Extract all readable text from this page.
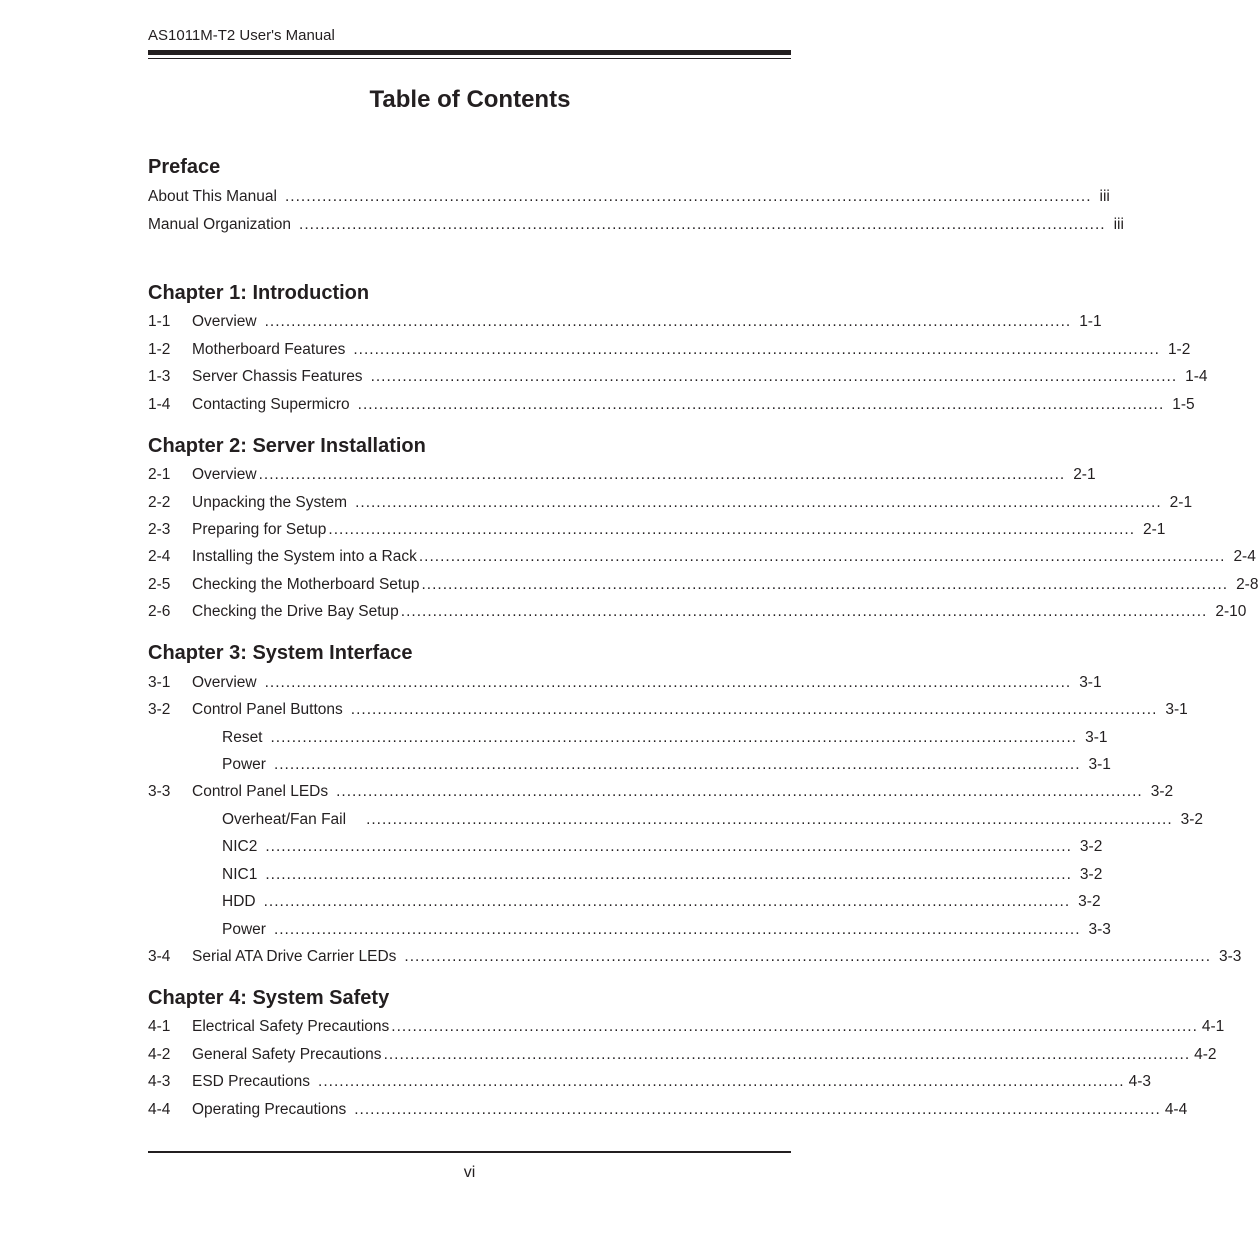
AS1011M-T2 User's Manual
Table of Contents
Preface
About This Manual ........................................................................................................................................................ iii
Manual Organization ........................................................................................................................................................ iii
Chapter 1: Introduction
1-1	Overview ........................................................................................................................................................ 1-1
1-2	Motherboard Features ........................................................................................................................................................ 1-2
1-3	Server Chassis Features ........................................................................................................................................................ 1-4
1-4	Contacting Supermicro ........................................................................................................................................................ 1-5
Chapter 2: Server Installation
2-1	Overview ........................................................................................................................................................ 2-1
2-2	Unpacking the System ........................................................................................................................................................ 2-1
2-3	Preparing for Setup ........................................................................................................................................................ 2-1
2-4	Installing the System into a Rack ........................................................................................................................................................ 2-4
2-5	Checking the Motherboard Setup ........................................................................................................................................................ 2-8
2-6	Checking the Drive Bay Setup ........................................................................................................................................................ 2-10
Chapter 3: System Interface
3-1	Overview ........................................................................................................................................................ 3-1
3-2	Control Panel Buttons ........................................................................................................................................................ 3-1
Reset ........................................................................................................................................................ 3-1
Power ........................................................................................................................................................ 3-1
3-3	Control Panel LEDs ........................................................................................................................................................ 3-2
Overheat/Fan Fail ........................................................................................................................................................ 3-2
NIC2 ........................................................................................................................................................ 3-2
NIC1 ........................................................................................................................................................ 3-2
HDD ........................................................................................................................................................ 3-2
Power ........................................................................................................................................................ 3-3
3-4	Serial ATA Drive Carrier LEDs ........................................................................................................................................................ 3-3
Chapter 4: System Safety
4-1	Electrical Safety Precautions ........................................................................................................................................................ 4-1
4-2	General Safety Precautions ........................................................................................................................................................ 4-2
4-3	ESD Precautions ........................................................................................................................................................ 4-3
4-4	Operating Precautions ........................................................................................................................................................ 4-4
vi
